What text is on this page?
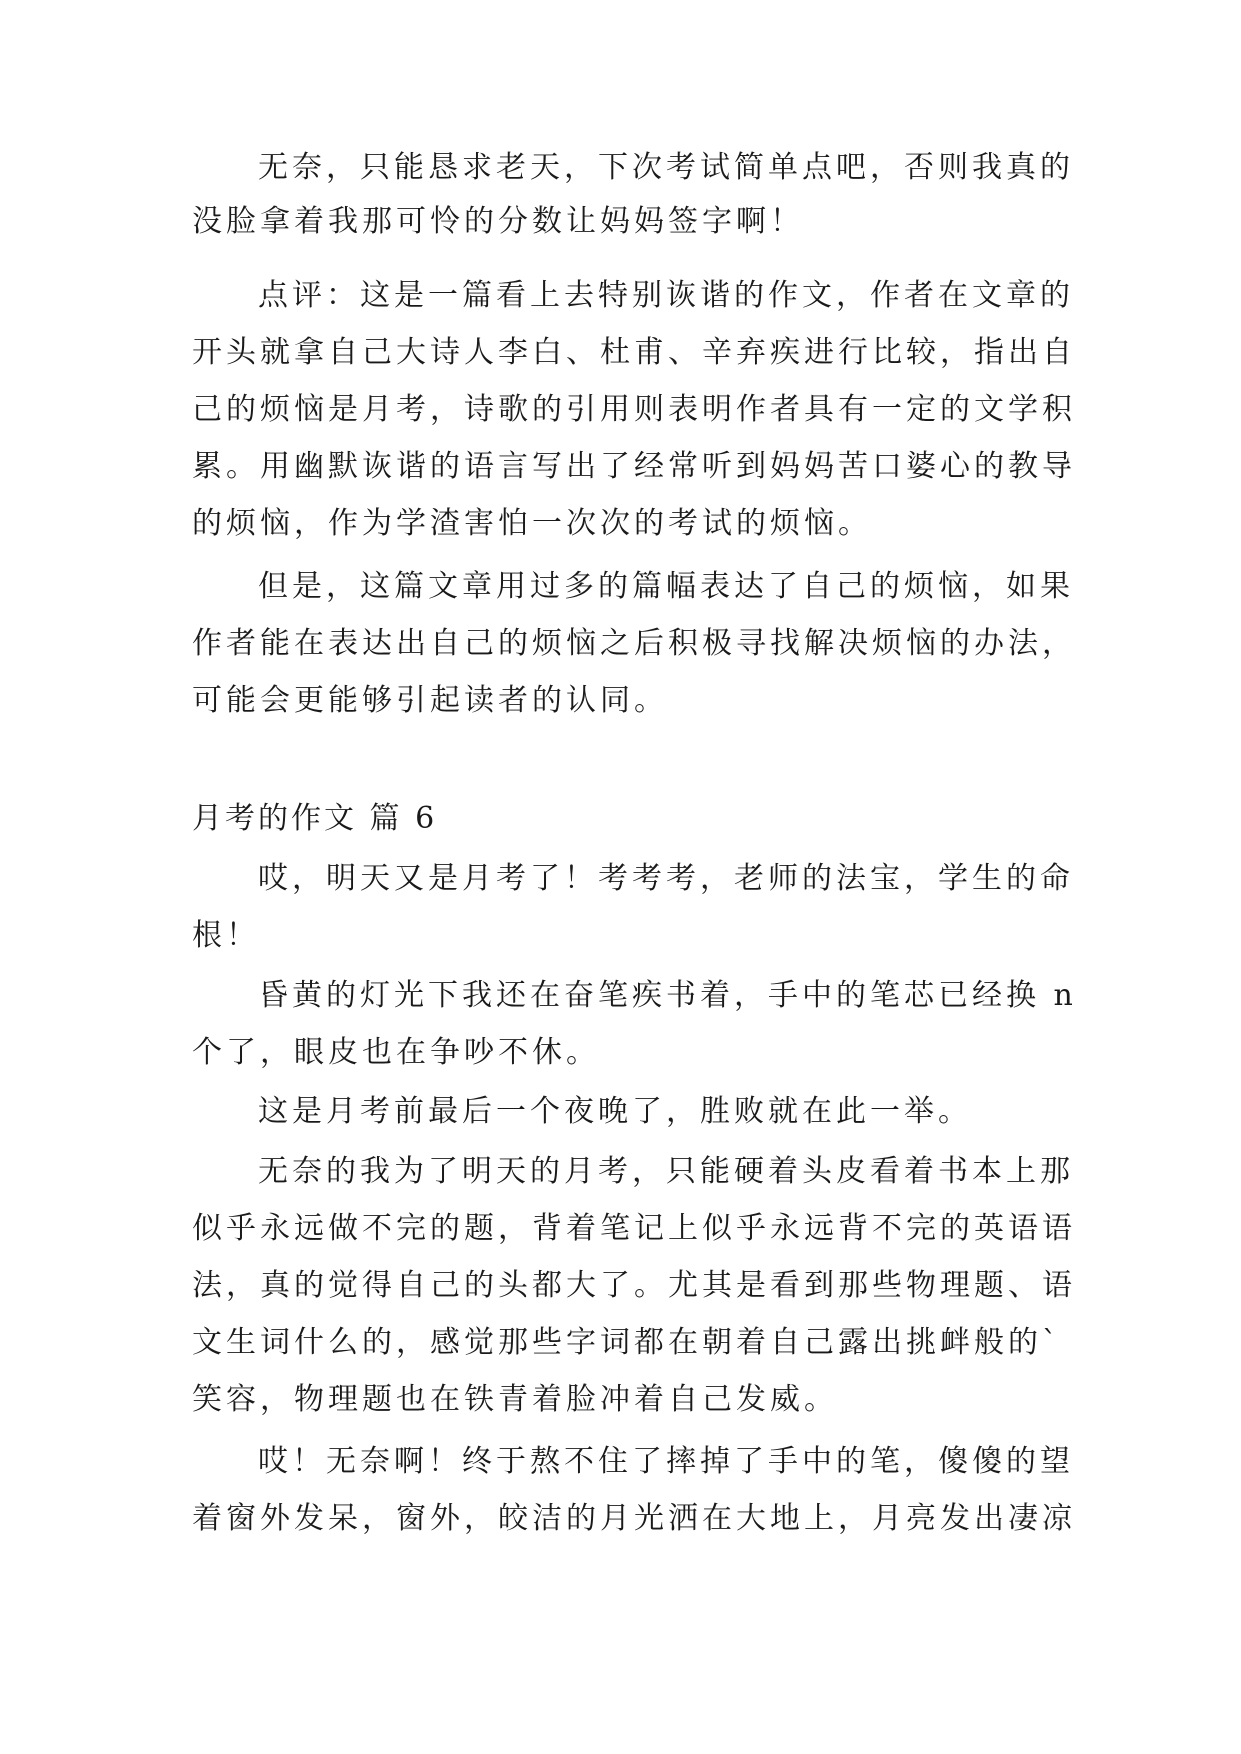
无奈，只能恳求老天，下次考试简单点吧，否则我真的
没脸拿着我那可怜的分数让妈妈签字啊！
点评：这是一篇看上去特别诙谐的作文，作者在文章的
开头就拿自己大诗人李白、杜甫、辛弃疾进行比较，指出自
己的烦恼是月考，诗歌的引用则表明作者具有一定的文学积
累。用幽默诙谐的语言写出了经常听到妈妈苦口婆心的教导
的烦恼，作为学渣害怕一次次的考试的烦恼。
但是，这篇文章用过多的篇幅表达了自己的烦恼，如果
作者能在表达出自己的烦恼之后积极寻找解决烦恼的办法，
可能会更能够引起读者的认同。
月考的作文 篇 6
哎，明天又是月考了！考考考，老师的法宝，学生的命
根！
昏黄的灯光下我还在奋笔疾书着，手中的笔芯已经换 n
个了，眼皮也在争吵不休。
这是月考前最后一个夜晚了，胜败就在此一举。
无奈的我为了明天的月考，只能硬着头皮看着书本上那
似乎永远做不完的题，背着笔记上似乎永远背不完的英语语
法，真的觉得自己的头都大了。尤其是看到那些物理题、语
文生词什么的，感觉那些字词都在朝着自己露出挑衅般的`
笑容，物理题也在铁青着脸冲着自己发威。
哎！无奈啊！终于熬不住了摔掉了手中的笔，傻傻的望
着窗外发呆，窗外，皎洁的月光洒在大地上，月亮发出凄凉
